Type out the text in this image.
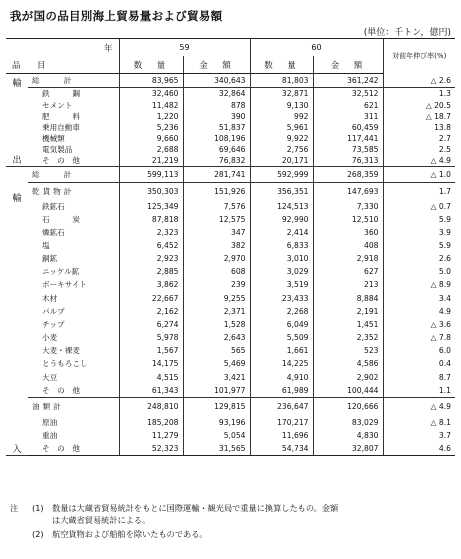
我が国の品目別海上貿易量および貿易額
(単位：千トン，億円)
	年	59		60		対前年伸び率(%)
品　目		数　量	金　額	数　量	金　額	

輸
出	総　　計	83,965	340,643	81,803	361,242	△ 2.6
	鉄　　　鋼	32,460	32,864	32,871	32,512	1.3
	セメント	11,482	878	9,130	621	△ 20.5
	肥　　　料	1,220	390	992	311	△ 18.7
	乗用自動車	5,236	51,837	5,961	60,459	13.8
	機械類	9,660	108,196	9,922	117,441	2.7
	電気製品	2,688	69,646	2,756	73,585	2.5
	そ　の　他	21,219	76,832	20,171	76,313	△ 4.9

輸
入	総　　計	599,113	281,741	592,999	268,359	△ 1.0
	乾貨物計	350,303	151,926	356,351	147,693	1.7
	鉄鉱石	125,349	7,576	124,513	7,330	△ 0.7
	石　　　炭	87,818	12,575	92,990	12,510	5.9
	燐鉱石	2,323	347	2,414	360	3.9
	塩	6,452	382	6,833	408	5.9
	銅鉱	2,923	2,970	3,010	2,918	2.6
	ニッケル鉱	2,885	608	3,029	627	5.0
	ボーキサイト	3,862	239	3,519	213	△ 8.9
	木材	22,667	9,255	23,433	8,884	3.4
	パルプ	2,162	2,371	2,268	2,191	4.9
	チップ	6,274	1,528	6,049	1,451	△ 3.6
	小麦	5,978	2,643	5,509	2,352	△ 7.8
	大麦・裸麦	1,567	565	1,661	523	6.0
	とうもろこし	14,175	5,469	14,225	4,586	0.4
	大豆	4,515	3,421	4,910	2,902	8.7
	そ　の　他	61,343	101,977	61,989	100,444	1.1
	油類計	248,810	129,815	236,647	120,666	△ 4.9
	原油	185,208	93,196	170,217	83,029	△ 8.1
	重油	11,279	5,054	11,696	4,830	3.7
	そ　の　他	52,323	31,565	54,734	32,807	4.6
注	(1)	数量は大蔵省貿易統計をもとに国際運輸・観光局で重量に換算したもの。金額
は大蔵省貿易統計による。
(2)	航空貨物および船舶を除いたものである。
